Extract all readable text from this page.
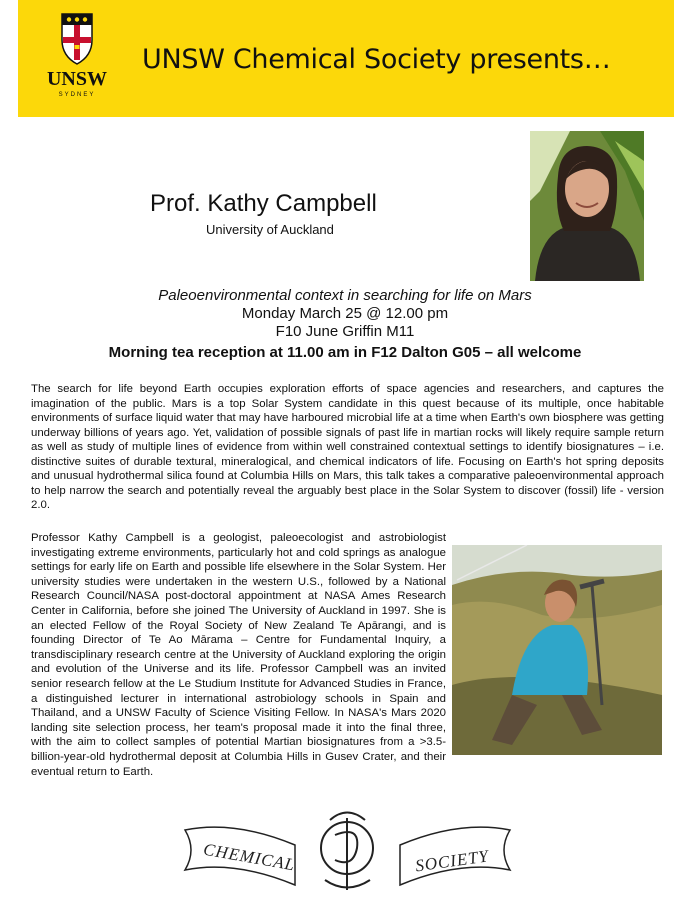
UNSW
SYDNEY
UNSW Chemical Society presents…
Prof. Kathy Campbell
University of Auckland
Paleoenvironmental context in searching for life on Mars
Monday March 25 @ 12.00 pm
F10 June Griffin M11
Morning tea reception at 11.00 am in F12 Dalton G05 – all welcome

The search for life beyond Earth occupies exploration efforts of space agencies and researchers, and captures the imagination of the public. Mars is a top Solar System candidate in this quest because of its multiple, once habitable environments of surface liquid water that may have harboured microbial life at a time when Earth's own biosphere was getting underway billions of years ago. Yet, validation of possible signals of past life in martian rocks will likely require sample return as well as study of multiple lines of evidence from within well constrained contextual settings to identify biosignatures – i.e. distinctive suites of durable textural, mineralogical, and chemical indicators of life. Focusing on Earth's hot spring deposits and unusual hydrothermal silica found at Columbia Hills on Mars, this talk takes a comparative paleoenvironmental approach to help narrow the search and potentially reveal the arguably best place in the Solar System to discover (fossil) life - version 2.0.

Professor Kathy Campbell is a geologist, paleoecologist and astrobiologist investigating extreme environments, particularly hot and cold springs as analogue settings for early life on Earth and possible life elsewhere in the Solar System. Her university studies were undertaken in the western U.S., followed by a National Research Council/NASA post-doctoral appointment at NASA Ames Research Center in California, before she joined The University of Auckland in 1997. She is an elected Fellow of the Royal Society of New Zealand Te Apārangi, and is founding Director of Te Ao Mārama – Centre for Fundamental Inquiry, a transdisciplinary research centre at the University of Auckland exploring the origin and evolution of the Universe and its life. Professor Campbell was an invited senior research fellow at the Le Studium Institute for Advanced Studies in France, a distinguished lecturer in international astrobiology schools in Spain and Thailand, and a UNSW Faculty of Science Visiting Fellow. In NASA's Mars 2020 landing site selection process, her team's proposal made it into the final three, with the aim to collect samples of potential Martian biosignatures from a >3.5-billion-year-old hydrothermal deposit at Columbia Hills in Gusev Crater, and their eventual return to Earth.

CHEMICAL	SOCIETY
